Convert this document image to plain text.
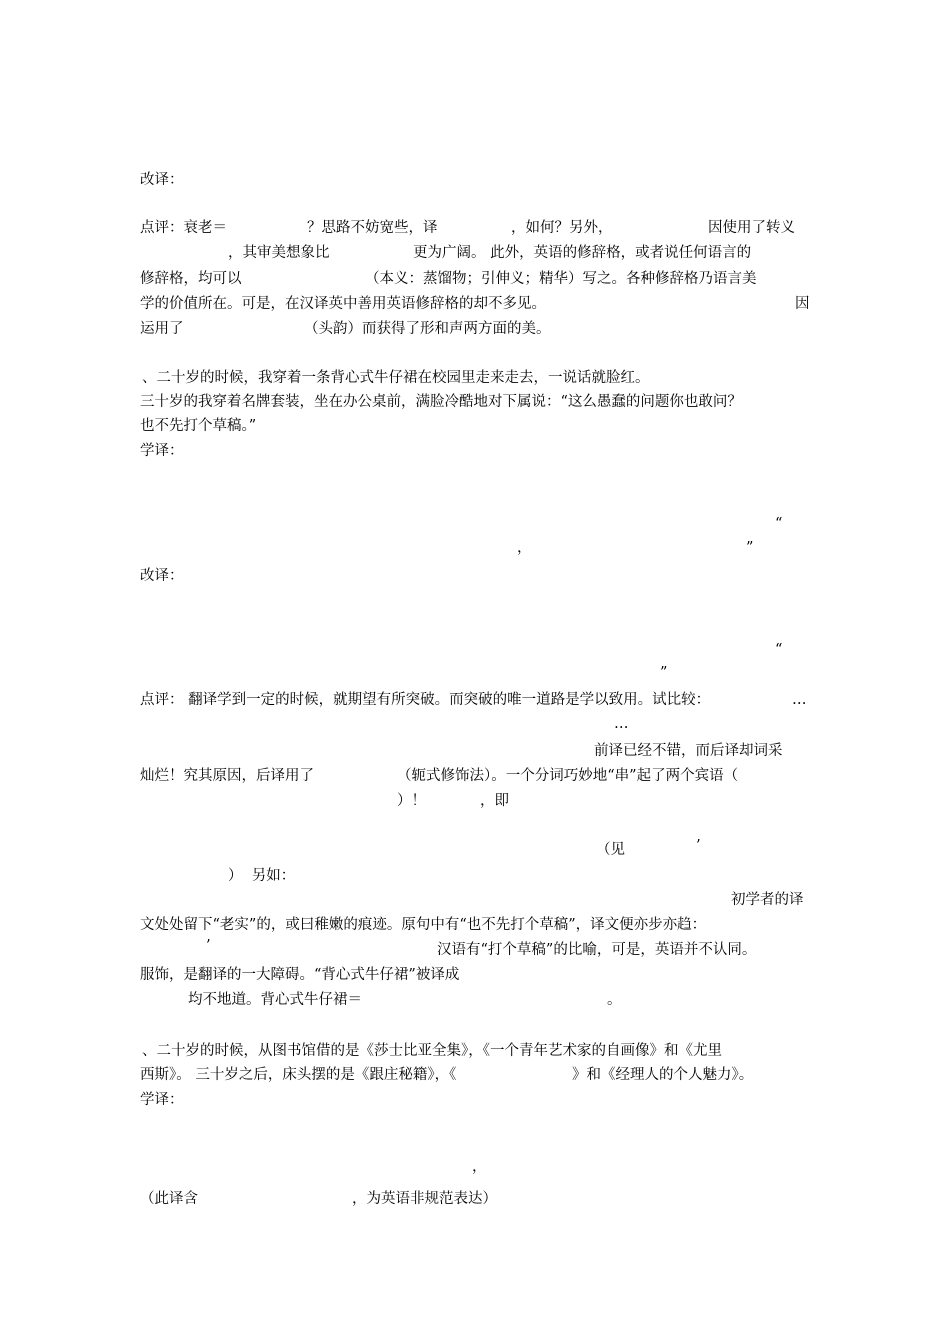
改译：
点评：衰老＝	？思路不妨宽些，译	，如何？另外，	因使用了转义
，其审美想象比	更为广阔。 此外，英语的修辞格，或者说任何语言的
修辞格，均可以	（本义：蒸馏物；引伸义；精华）写之。各种修辞格乃语言美
学的价值所在。可是，在汉译英中善用英语修辞格的却不多见。	因
运用了	（头韵）而获得了形和声两方面的美。
、二十岁的时候，我穿着一条背心式牛仔裙在校园里走来走去，一说话就脸红。
三十岁的我穿着名牌套装，坐在办公桌前，满脸冷酷地对下属说：“这么愚蠢的问题你也敢问？
也不先打个草稿。”
学译：
“
，	”
改译：
“
”
点评： 翻译学到一定的时候，就期望有所突破。而突破的唯一道路是学以致用。试比较：	…
…
前译已经不错，而后译却词采
灿烂！究其原因，后译用了	（轭式修饰法）。一个分词巧妙地“串”起了两个宾语（
）！	，即
（见	’
）  另如：
初学者的译
文处处留下“老实”的，或曰稚嫩的痕迹。原句中有“也不先打个草稿”，译文便亦步亦趋：
’	汉语有“打个草稿”的比喻，可是，英语并不认同。
服饰，是翻译的一大障碍。“背心式牛仔裙”被译成
均不地道。背心式牛仔裙＝	。
、二十岁的时候，从图书馆借的是《莎士比亚全集》，《一个青年艺术家的自画像》和《尤里
西斯》。 三十岁之后，床头摆的是《跟庄秘籍》，《	》和《经理人的个人魅力》。
学译：
，
（此译含	，为英语非规范表达）
